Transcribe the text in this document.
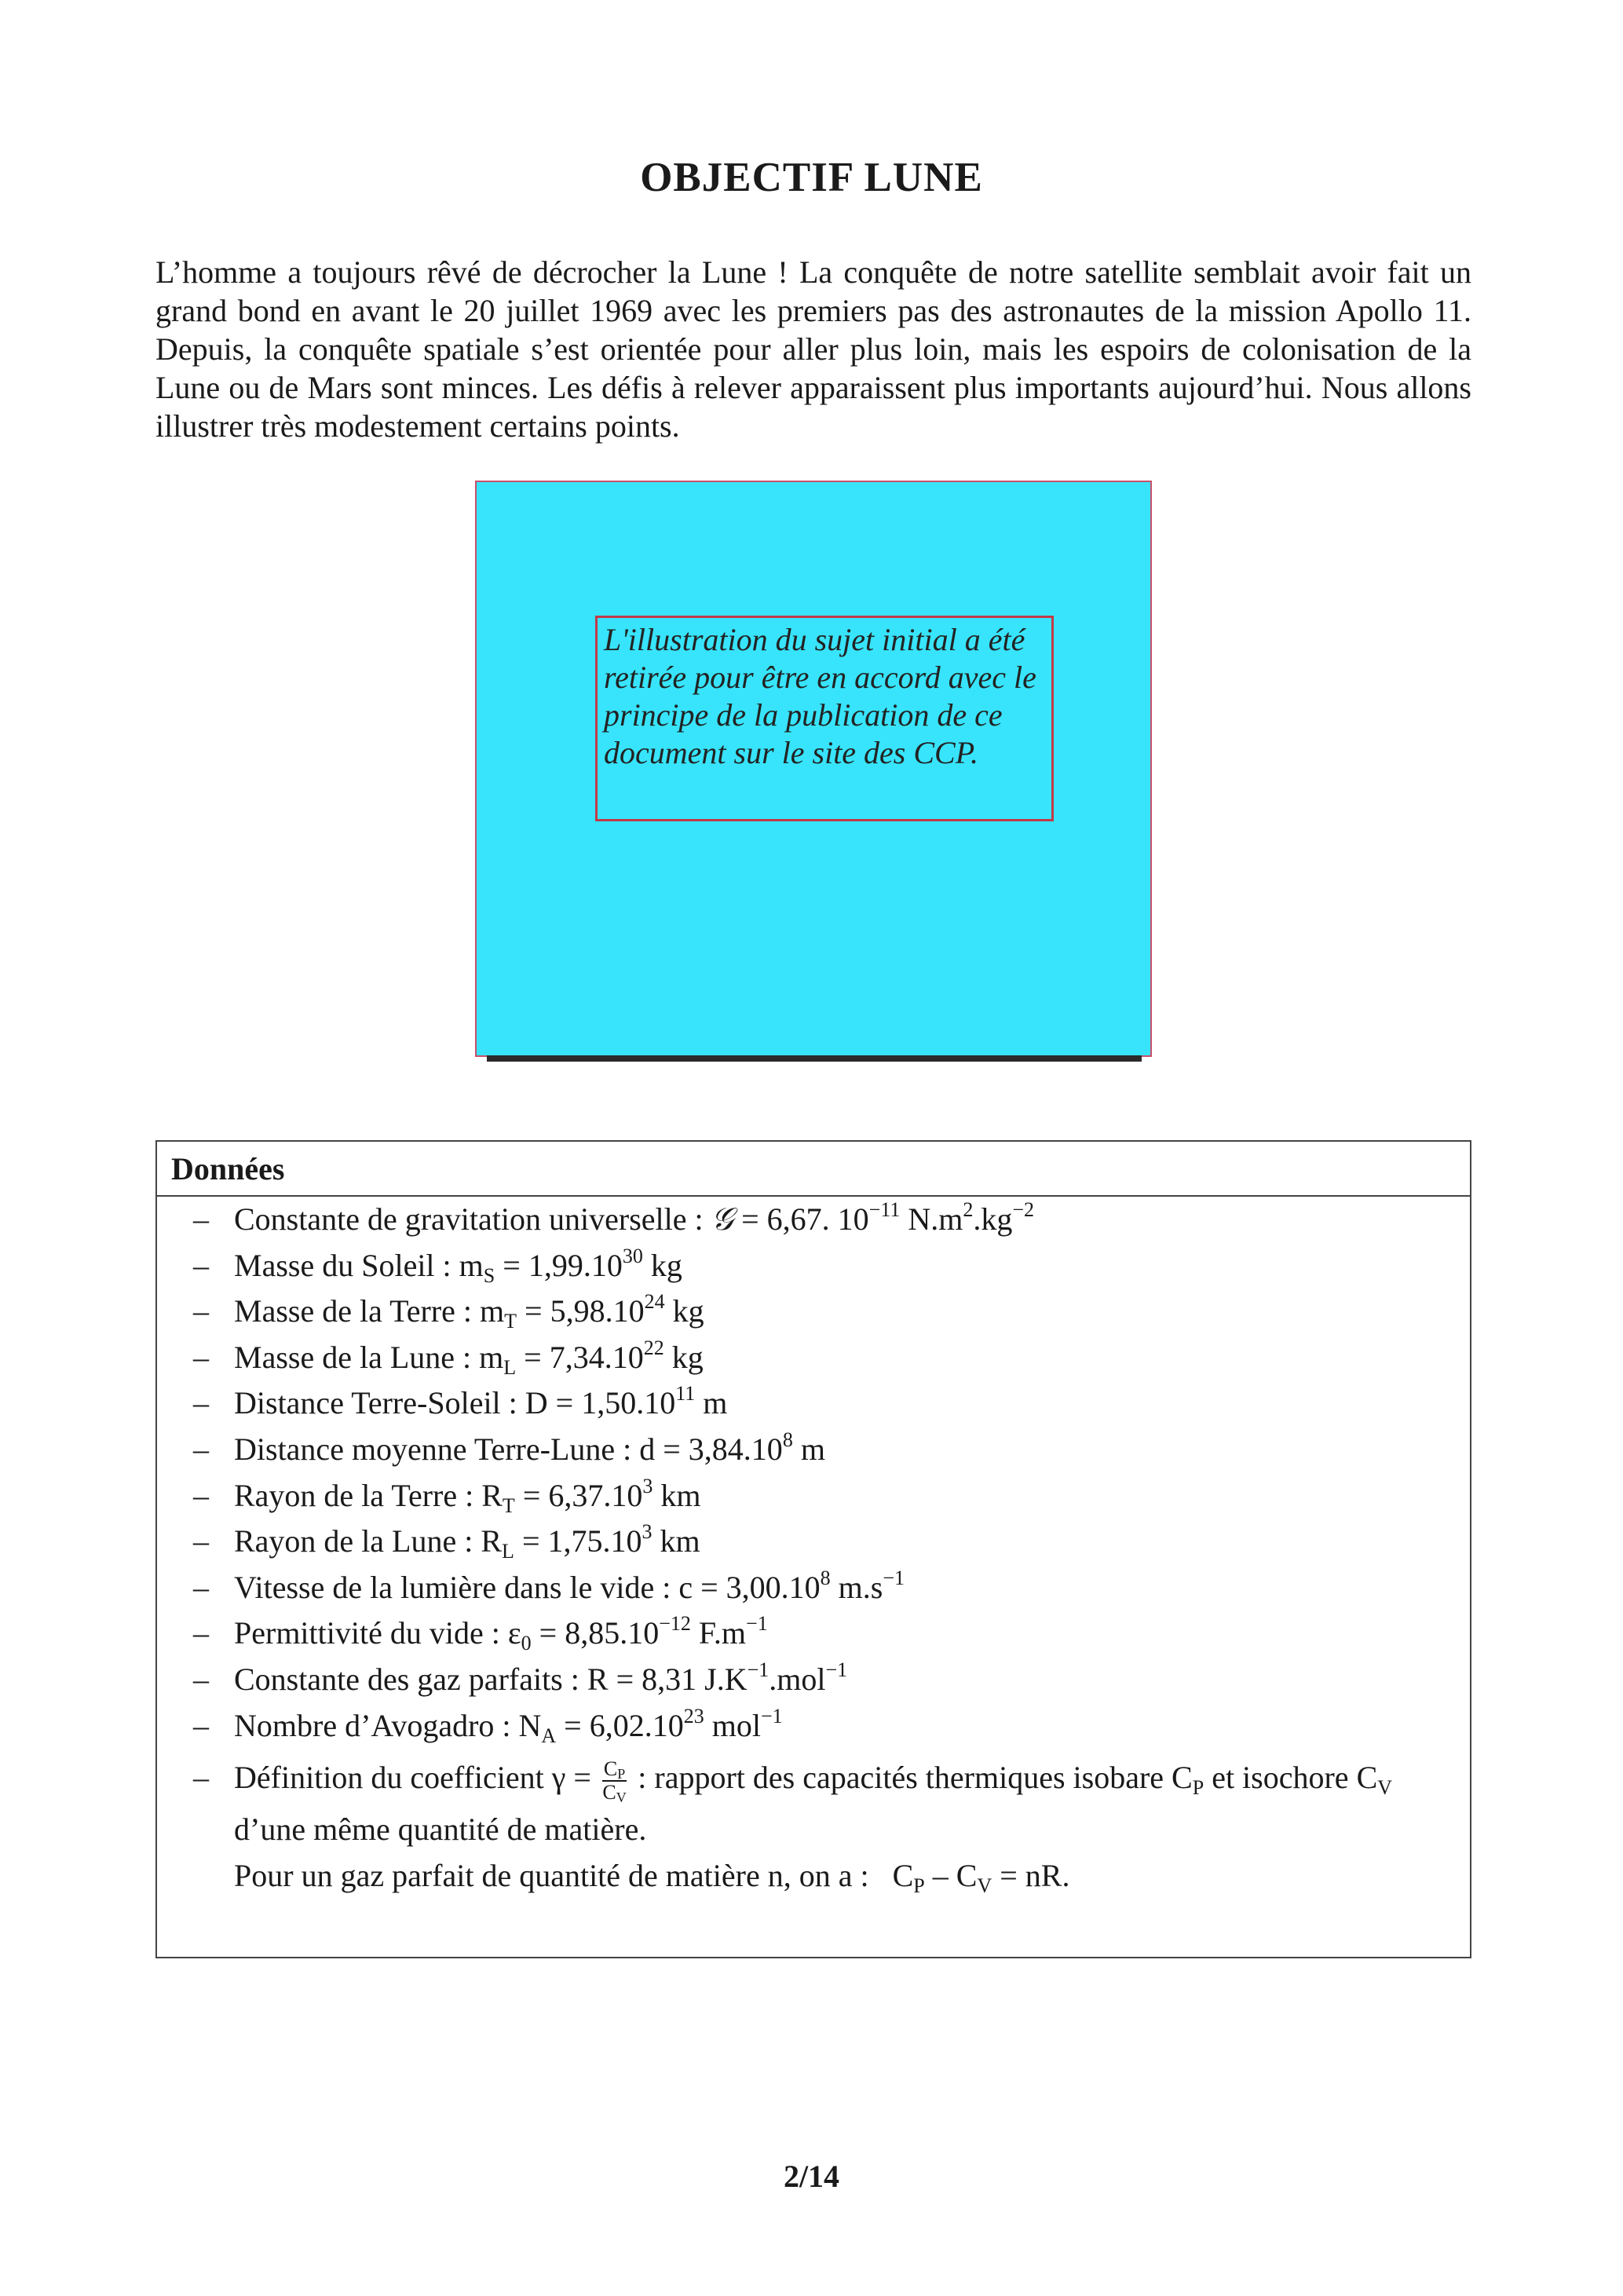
OBJECTIF LUNE

L’homme a toujours rêvé de décrocher la Lune ! La conquête de notre satellite semblait avoir fait un grand bond en avant le 20 juillet 1969 avec les premiers pas des astronautes de la mission Apollo 11. Depuis, la conquête spatiale s’est orientée pour aller plus loin, mais les espoirs de colonisation de la Lune ou de Mars sont minces. Les défis à relever apparaissent plus importants aujourd’hui. Nous allons illustrer très modestement certains points.

L'illustration du sujet initial a été retirée pour être en accord avec le principe de la publication de ce document sur le site des CCP.
Données
– Constante de gravitation universelle : 𝒢 = 6,67. $10^{-11}$ $N.m^2.kg^{-2}$
– Masse du Soleil : $m_S = 1,99.10^{30}$ kg
– Masse de la Terre : $m_T = 5,98.10^{24}$ kg
– Masse de la Lune : $m_L = 7,34.10^{22}$ kg
– Distance Terre-Soleil : $D = 1,50.10^{11}$ m
– Distance moyenne Terre-Lune : $d = 3,84.10^8$ m
– Rayon de la Terre : $R_T = 6,37.10^3$ km
– Rayon de la Lune : $R_L = 1,75.10^3$ km
– Vitesse de la lumière dans le vide : $c = 3,00.10^8$ $m.s^{-1}$
– Permittivité du vide : $\varepsilon_0 = 8,85.10^{-12}$ $F.m^{-1}$
– Constante des gaz parfaits : R = 8,31 $J.K^{-1}.mol^{-1}$
– Nombre d’Avogadro : $N_A = 6,02.10^{23}$ mol$^{-1}$
– Définition du coefficient $\gamma = \frac{C_P}{C_V}$ : rapport des capacités thermiques isobare $C_P$ et isochore $C_V$
d’une même quantité de matière.
Pour un gaz parfait de quantité de matière n, on a : $C_P - C_V$ = nR.
2/14
